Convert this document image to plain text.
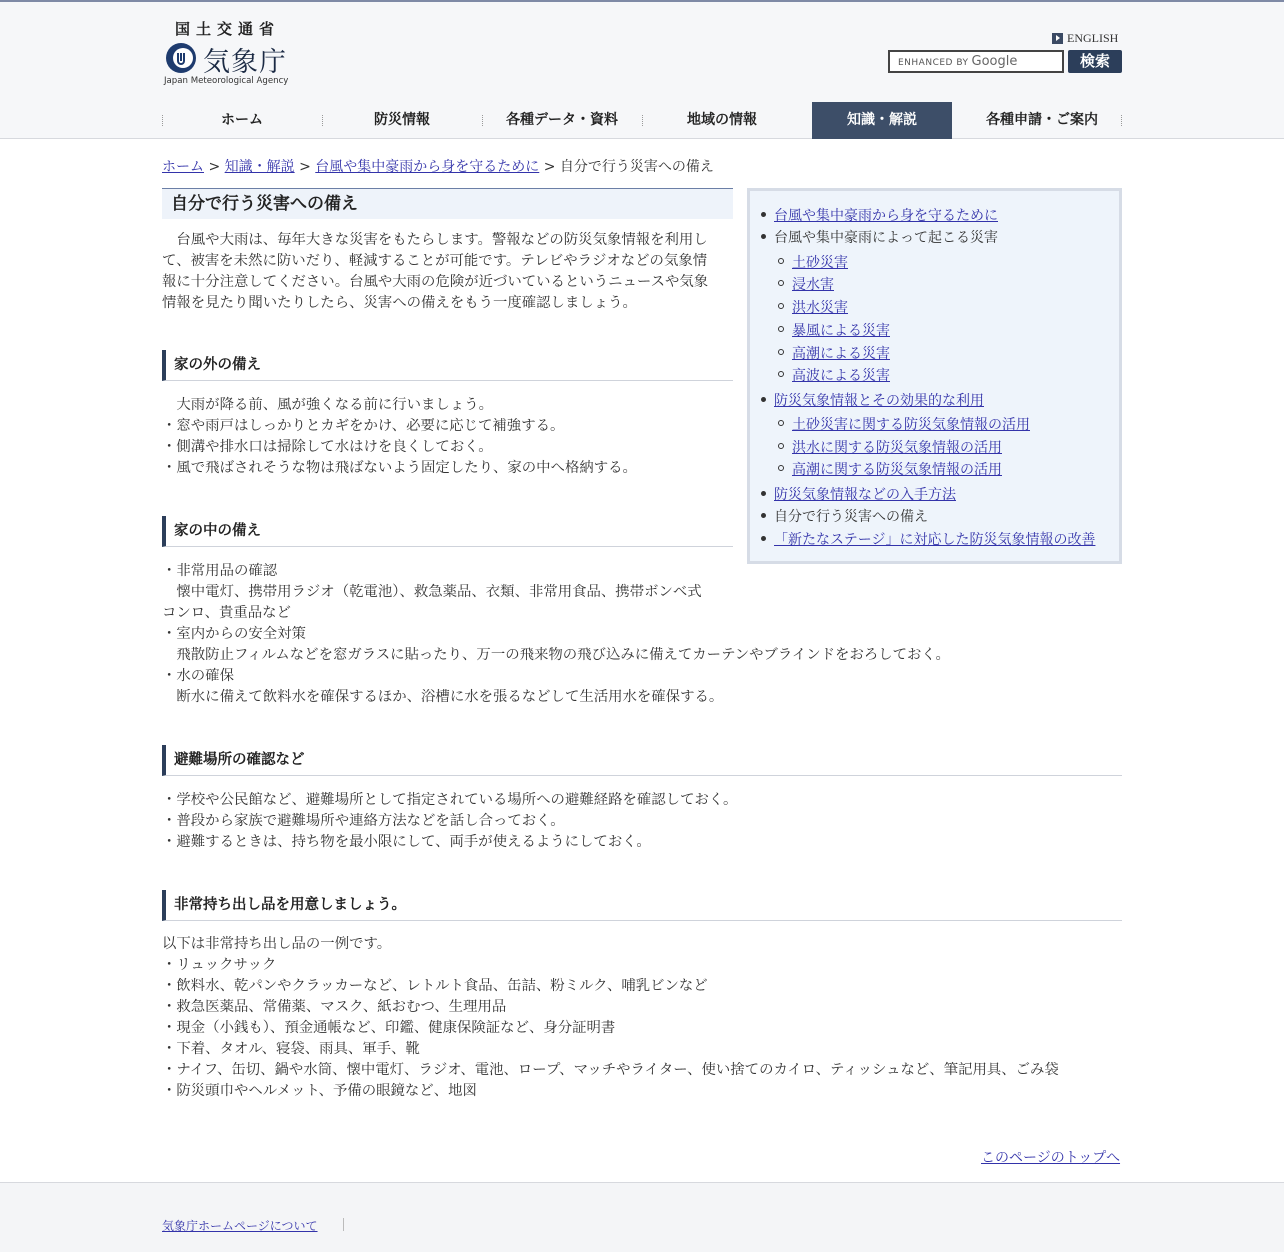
国土交通省
気象庁
Japan Meteorological Agency
ENGLISH
ENHANCED BY Google	検索
ホーム	防災情報	各種データ・資料	地域の情報	知識・解説	各種申請・ご案内
ホーム > 知識・解説 > 台風や集中豪雨から身を守るために > 自分で行う災害への備え
自分で行う災害への備え
　台風や大雨は、毎年大きな災害をもたらします。警報などの防災気象情報を利用し
て、被害を未然に防いだり、軽減することが可能です。テレビやラジオなどの気象情
報に十分注意してください。台風や大雨の危険が近づいているというニュースや気象
情報を見たり聞いたりしたら、災害への備えをもう一度確認しましょう。
家の外の備え
　大雨が降る前、風が強くなる前に行いましょう。
・窓や雨戸はしっかりとカギをかけ、必要に応じて補強する。
・側溝や排水口は掃除して水はけを良くしておく。
・風で飛ばされそうな物は飛ばないよう固定したり、家の中へ格納する。
家の中の備え
・非常用品の確認
　懐中電灯、携帯用ラジオ（乾電池）、救急薬品、衣類、非常用食品、携帯ボンベ式
コンロ、貴重品など
・室内からの安全対策
　飛散防止フィルムなどを窓ガラスに貼ったり、万一の飛来物の飛び込みに備えてカーテンやブラインドをおろしておく。
・水の確保
　断水に備えて飲料水を確保するほか、浴槽に水を張るなどして生活用水を確保する。
避難場所の確認など
・学校や公民館など、避難場所として指定されている場所への避難経路を確認しておく。
・普段から家族で避難場所や連絡方法などを話し合っておく。
・避難するときは、持ち物を最小限にして、両手が使えるようにしておく。
非常持ち出し品を用意しましょう。
以下は非常持ち出し品の一例です。
・リュックサック
・飲料水、乾パンやクラッカーなど、レトルト食品、缶詰、粉ミルク、哺乳ビンなど
・救急医薬品、常備薬、マスク、紙おむつ、生理用品
・現金（小銭も）、預金通帳など、印鑑、健康保険証など、身分証明書
・下着、タオル、寝袋、雨具、軍手、靴
・ナイフ、缶切、鍋や水筒、懐中電灯、ラジオ、電池、ロープ、マッチやライター、使い捨てのカイロ、ティッシュなど、筆記用具、ごみ袋
・防災頭巾やヘルメット、予備の眼鏡など、地図
台風や集中豪雨から身を守るために
台風や集中豪雨によって起こる災害
土砂災害
浸水害
洪水災害
暴風による災害
高潮による災害
高波による災害
防災気象情報とその効果的な利用
土砂災害に関する防災気象情報の活用
洪水に関する防災気象情報の活用
高潮に関する防災気象情報の活用
防災気象情報などの入手方法
自分で行う災害への備え
「新たなステージ」に対応した防災気象情報の改善
このページのトップへ
気象庁ホームページについて
